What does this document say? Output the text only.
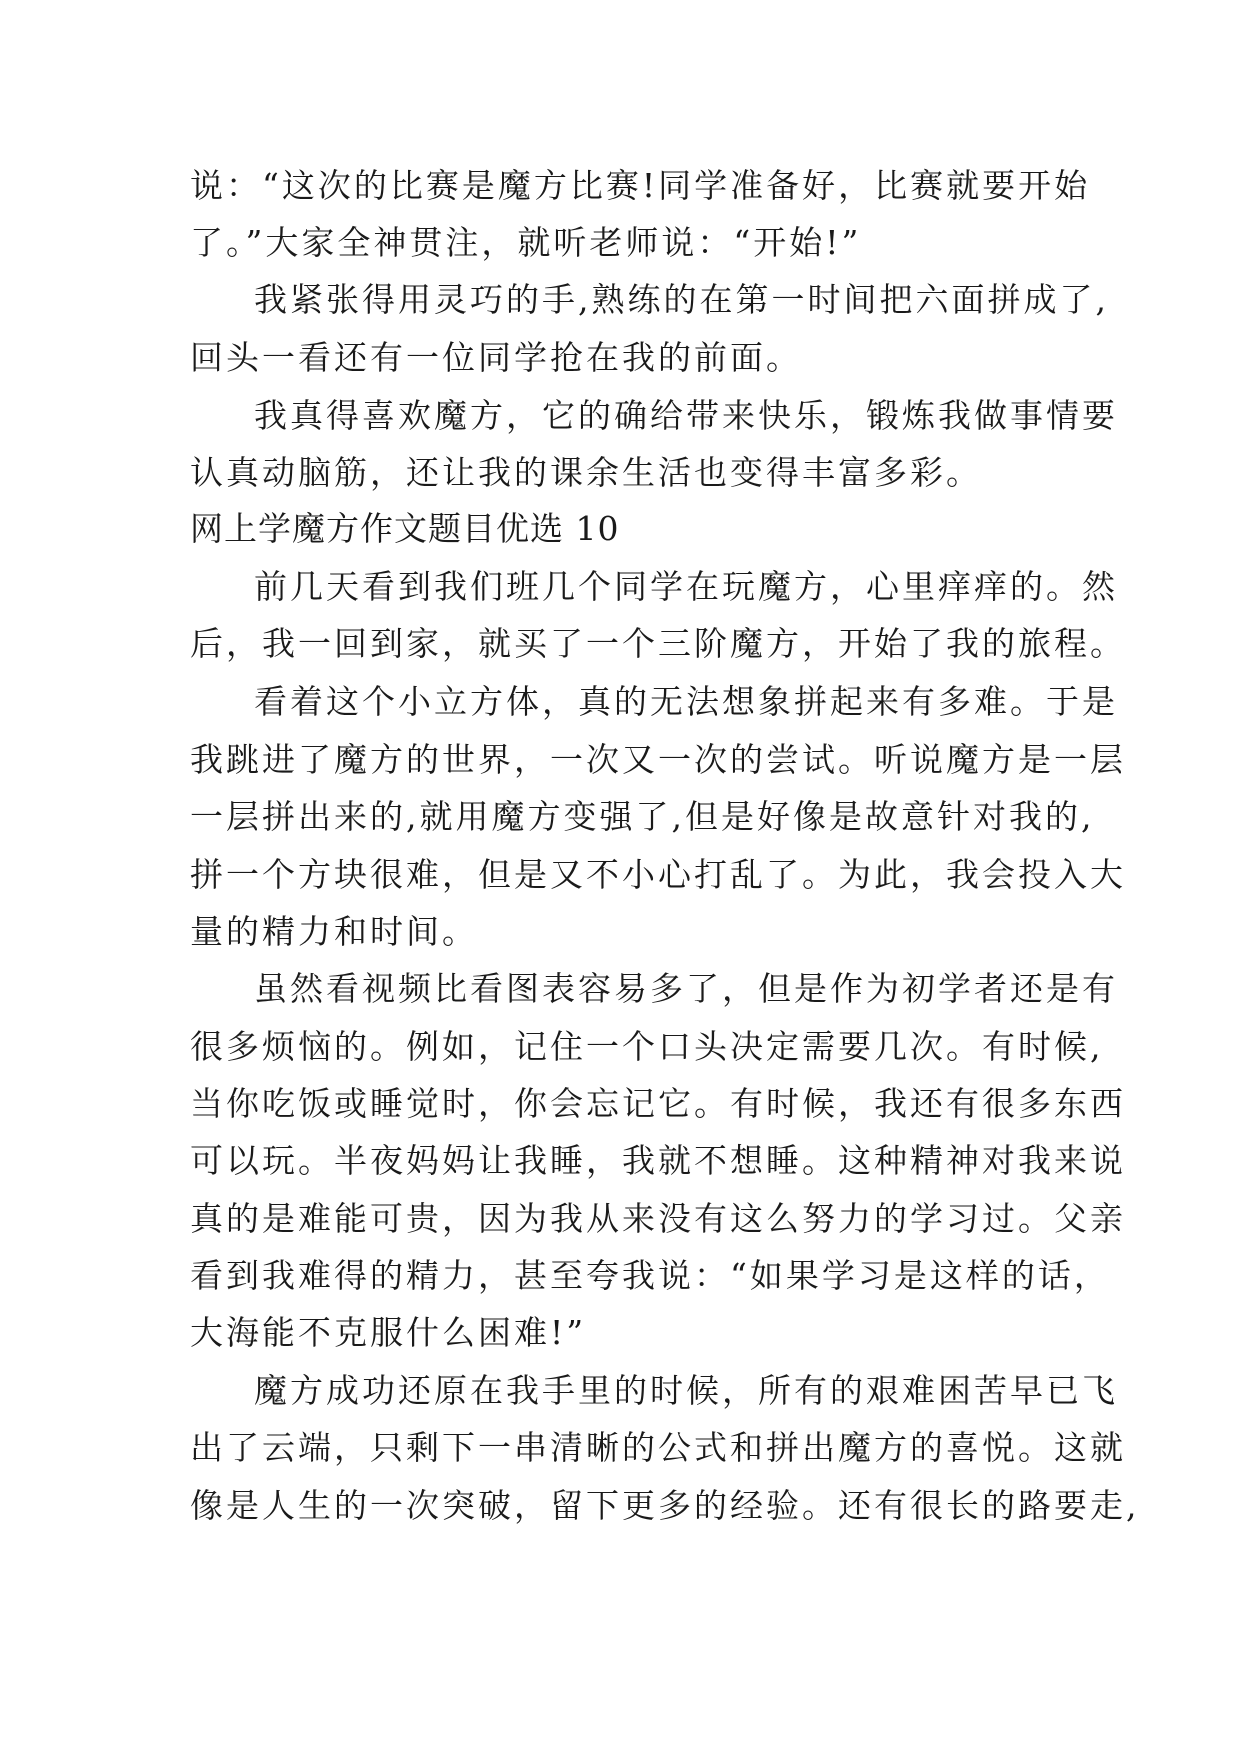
说：“这次的比赛是魔方比赛!同学准备好，比赛就要开始
了。”大家全神贯注，就听老师说：“开始!”
我紧张得用灵巧的手,熟练的在第一时间把六面拼成了,
回头一看还有一位同学抢在我的前面。
我真得喜欢魔方，它的确给带来快乐，锻炼我做事情要
认真动脑筋，还让我的课余生活也变得丰富多彩。
网上学魔方作文题目优选 10
前几天看到我们班几个同学在玩魔方，心里痒痒的。然
后，我一回到家，就买了一个三阶魔方，开始了我的旅程。
看着这个小立方体，真的无法想象拼起来有多难。于是
我跳进了魔方的世界，一次又一次的尝试。听说魔方是一层
一层拼出来的,就用魔方变强了,但是好像是故意针对我的,
拼一个方块很难，但是又不小心打乱了。为此，我会投入大
量的精力和时间。
虽然看视频比看图表容易多了，但是作为初学者还是有
很多烦恼的。例如，记住一个口头决定需要几次。有时候,
当你吃饭或睡觉时，你会忘记它。有时候，我还有很多东西
可以玩。半夜妈妈让我睡，我就不想睡。这种精神对我来说
真的是难能可贵，因为我从来没有这么努力的学习过。父亲
看到我难得的精力，甚至夸我说：“如果学习是这样的话，
大海能不克服什么困难!”
魔方成功还原在我手里的时候，所有的艰难困苦早已飞
出了云端，只剩下一串清晰的公式和拼出魔方的喜悦。这就
像是人生的一次突破，留下更多的经验。还有很长的路要走,
